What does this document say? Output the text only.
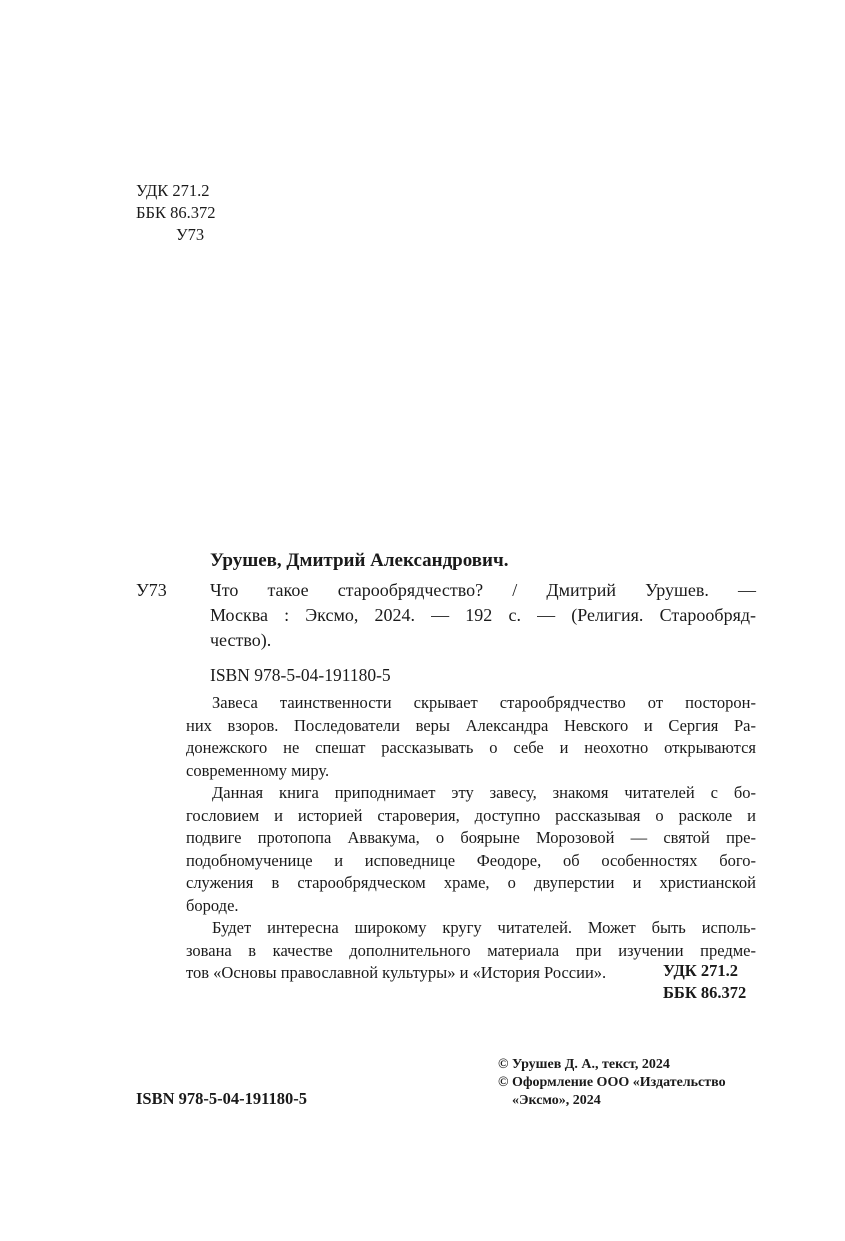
УДК 271.2
ББК 86.372
У73
Урушев, Дмитрий Александрович.
У73 Что такое старообрядчество? / Дмитрий Урушев. —
Москва : Эксмо, 2024. — 192 с. — (Религия. Старообряд-
чество).
ISBN 978-5-04-191180-5
Завеса таинственности скрывает старообрядчество от посторон-
них взоров. Последователи веры Александра Невского и Сергия Ра-
донежского не спешат рассказывать о себе и неохотно открываются
современному миру.
Данная книга приподнимает эту завесу, знакомя читателей с бо-
гословием и историей староверия, доступно рассказывая о расколе и
подвиге протопопа Аввакума, о боярыне Морозовой — святой пре-
подобномученице и исповеднице Феодоре, об особенностях бого-
служения в старообрядческом храме, о двуперстии и христианской
бороде.
Будет интересна широкому кругу читателей. Может быть исполь-
зована в качестве дополнительного материала при изучении предме-
тов «Основы православной культуры» и «История России».	УДК 271.2
ББК 86.372
© Урушев Д. А., текст, 2024
© Оформление ООО «Издательство
«Эксмо», 2024
ISBN 978-5-04-191180-5
